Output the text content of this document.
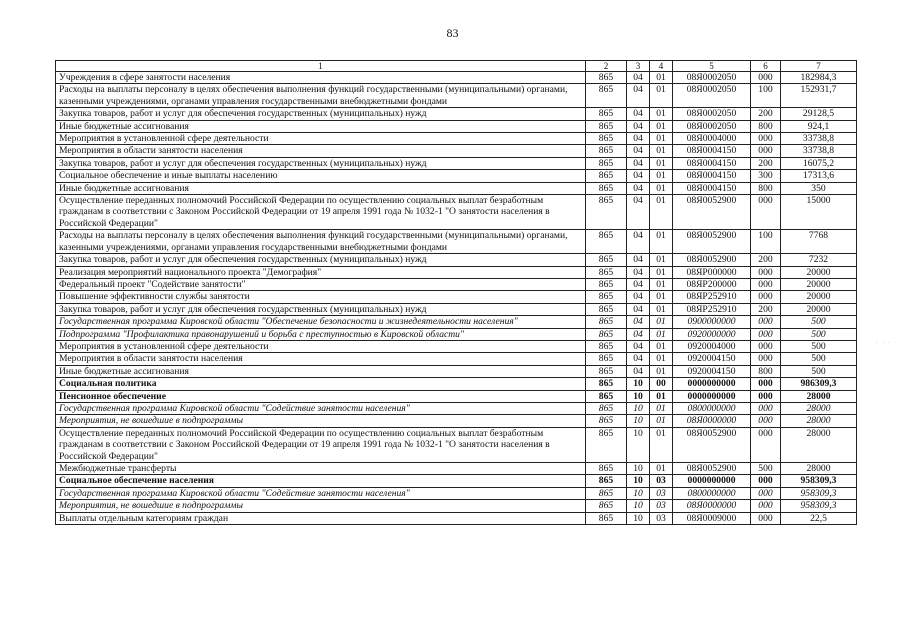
83
1	2	3	4	5	6	7
Учреждения в сфере занятости населения	865	04	01	08Я0002050	000	182984,3
Расходы на выплаты персоналу в целях обеспечения выполнения функций государственными (муниципальными) органами, казенными учреждениями, органами управления государственными внебюджетными фондами	865	04	01	08Я0002050	100	152931,7
Закупка товаров, работ и услуг для обеспечения государственных (муниципальных) нужд	865	04	01	08Я0002050	200	29128,5
Иные бюджетные ассигнования	865	04	01	08Я0002050	800	924,1
Мероприятия в установленной сфере деятельности	865	04	01	08Я0004000	000	33738,8
Мероприятия в области занятости населения	865	04	01	08Я0004150	000	33738,8
Закупка товаров, работ и услуг для обеспечения государственных (муниципальных) нужд	865	04	01	08Я0004150	200	16075,2
Социальное обеспечение и иные выплаты населению	865	04	01	08Я0004150	300	17313,6
Иные бюджетные ассигнования	865	04	01	08Я0004150	800	350
Осуществление переданных полномочий Российской Федерации по осуществлению социальных выплат безработным гражданам в соответствии с Законом Российской Федерации от 19 апреля 1991 года № 1032-1 "О занятости населения в Российской Федерации"	865	04	01	08Я0052900	000	15000
Расходы на выплаты персоналу в целях обеспечения выполнения функций государственными (муниципальными) органами, казенными учреждениями, органами управления государственными внебюджетными фондами	865	04	01	08Я0052900	100	7768
Закупка товаров, работ и услуг для обеспечения государственных (муниципальных) нужд	865	04	01	08Я0052900	200	7232
Реализация мероприятий национального проекта "Демография"	865	04	01	08ЯР000000	000	20000
Федеральный проект "Содействие занятости"	865	04	01	08ЯР200000	000	20000
Повышение эффективности службы занятости	865	04	01	08ЯР252910	000	20000
Закупка товаров, работ и услуг для обеспечения государственных (муниципальных) нужд	865	04	01	08ЯР252910	200	20000
Государственная программа Кировской области "Обеспечение безопасности и жизнедеятельности населения"	865	04	01	0900000000	000	500
Подпрограмма "Профилактика правонарушений и борьба с преступностью в Кировской области"	865	04	01	0920000000	000	500
Мероприятия в установленной сфере деятельности	865	04	01	0920004000	000	500
Мероприятия в области занятости населения	865	04	01	0920004150	000	500
Иные бюджетные ассигнования	865	04	01	0920004150	800	500
Социальная политика	865	10	00	0000000000	000	986309,3
Пенсионное обеспечение	865	10	01	0000000000	000	28000
Государственная программа Кировской области "Содействие занятости населения"	865	10	01	0800000000	000	28000
Мероприятия, не вошедшие в подпрограммы	865	10	01	08Я0000000	000	28000
Осуществление переданных полномочий Российской Федерации по осуществлению социальных выплат безработным гражданам в соответствии с Законом Российской Федерации от 19 апреля 1991 года № 1032-1 "О занятости населения в Российской Федерации"	865	10	01	08Я0052900	000	28000
Межбюджетные трансферты	865	10	01	08Я0052900	500	28000
Социальное обеспечение населения	865	10	03	0000000000	000	958309,3
Государственная программа Кировской области "Содействие занятости населения"	865	10	03	0800000000	000	958309,3
Мероприятия, не вошедшие в подпрограммы	865	10	03	08Я0000000	000	958309,3
Выплаты отдельным категориям граждан	865	10	03	08Я0009000	000	22,5
· ·· ·
